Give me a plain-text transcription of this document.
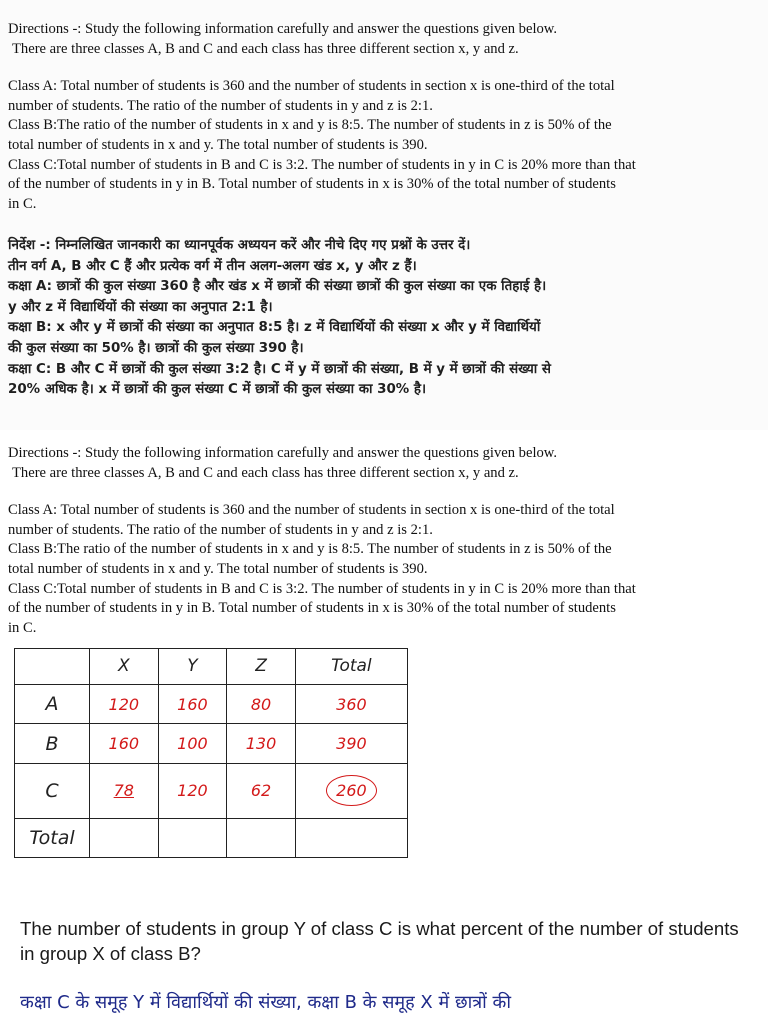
Directions -: Study the following information carefully and answer the questions given below.

There are three classes A, B and C and each class has three different section x, y and z.

Class A: Total number of students is 360 and the number of students in section x is one-third of the total

number of students. The ratio of the number of students in y and z is 2:1.

Class B:The ratio of the number of students in x and y is 8:5. The number of students in z is 50% of the

total number of students in x and y. The total number of students is 390.

Class C:Total number of students in B and C is 3:2. The number of students in y in C is 20% more than that

of the number of students in y in B. Total number of students in x is 30% of the total number of students

in C.

निर्देश -: निम्नलिखित जानकारी का ध्यानपूर्वक अध्ययन करें और नीचे दिए गए प्रश्नों के उत्तर दें।

तीन वर्ग A, B और C हैं और प्रत्येक वर्ग में तीन अलग-अलग खंड x, y और z हैं।

कक्षा A: छात्रों की कुल संख्या 360 है और खंड x में छात्रों की संख्या छात्रों की कुल संख्या का एक तिहाई है।

y और z में विद्यार्थियों की संख्या का अनुपात 2:1 है।

कक्षा B: x और y में छात्रों की संख्या का अनुपात 8:5 है। z में विद्यार्थियों की संख्या x और y में विद्यार्थियों

की कुल संख्या का 50% है। छात्रों की कुल संख्या 390 है।

कक्षा C: B और C में छात्रों की कुल संख्या 3:2 है। C में y में छात्रों की संख्या, B में y में छात्रों की संख्या से

20% अधिक है। x में छात्रों की कुल संख्या C में छात्रों की कुल संख्या का 30% है।

Directions -: Study the following information carefully and answer the questions given below.

There are three classes A, B and C and each class has three different section x, y and z.

Class A: Total number of students is 360 and the number of students in section x is one-third of the total

number of students. The ratio of the number of students in y and z is 2:1.

Class B:The ratio of the number of students in x and y is 8:5. The number of students in z is 50% of the

total number of students in x and y. The total number of students is 390.

Class C:Total number of students in B and C is 3:2. The number of students in y in C is 20% more than that

of the number of students in y in B. Total number of students in x is 30% of the total number of students

in C.

	X	Y	Z	Total
A	120	160	80	360
B	160	100	130	390
C	78	120	62	260
Total				
The number of students in group Y of class C is what percent of the number of students in group X of class B?
कक्षा C के समूह Y में विद्यार्थियों की संख्या, कक्षा B के समूह X में छात्रों की
